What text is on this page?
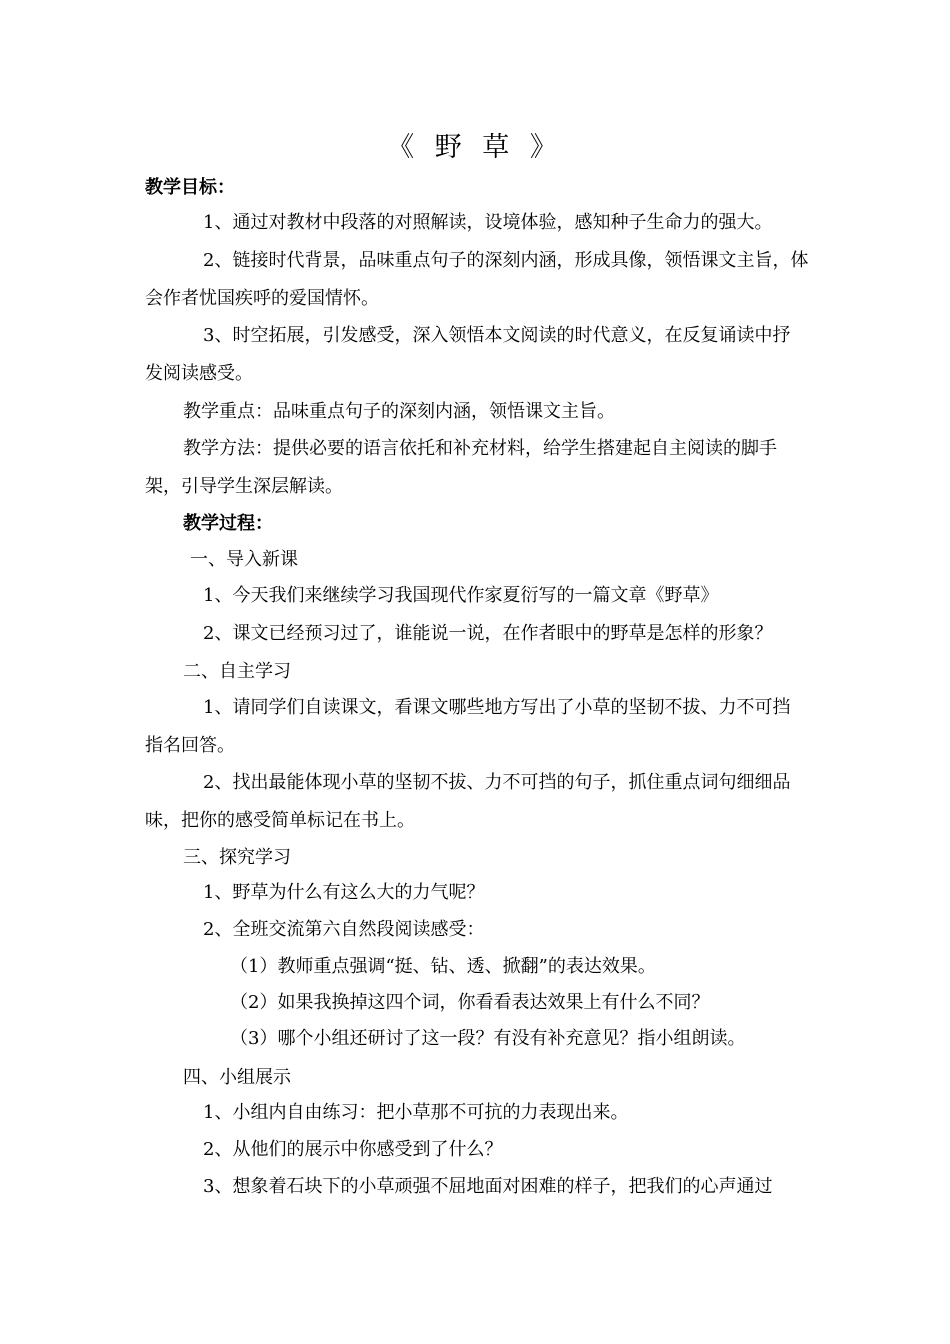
《 野 草 》
教学目标：
1、通过对教材中段落的对照解读，设境体验，感知种子生命力的强大。
2、链接时代背景，品味重点句子的深刻内涵，形成具像，领悟课文主旨，体
会作者忧国疾呼的爱国情怀。
3、时空拓展，引发感受，深入领悟本文阅读的时代意义，在反复诵读中抒
发阅读感受。
教学重点：品味重点句子的深刻内涵，领悟课文主旨。
教学方法：提供必要的语言依托和补充材料，给学生搭建起自主阅读的脚手
架，引导学生深层解读。
教学过程：
一、导入新课
1、今天我们来继续学习我国现代作家夏衍写的一篇文章《野草》
2、课文已经预习过了，谁能说一说，在作者眼中的野草是怎样的形象？
二、自主学习
1、请同学们自读课文，看课文哪些地方写出了小草的坚韧不拔、力不可挡
指名回答。
2、找出最能体现小草的坚韧不拔、力不可挡的句子，抓住重点词句细细品
味，把你的感受简单标记在书上。
三、探究学习
1、野草为什么有这么大的力气呢？
2、全班交流第六自然段阅读感受：
（1）教师重点强调“挺、钻、透、掀翻”的表达效果。
（2）如果我换掉这四个词，你看看表达效果上有什么不同？
（3）哪个小组还研讨了这一段？有没有补充意见？指小组朗读。
四、小组展示
1、小组内自由练习：把小草那不可抗的力表现出来。
2、从他们的展示中你感受到了什么？
3、想象着石块下的小草顽强不屈地面对困难的样子，把我们的心声通过
